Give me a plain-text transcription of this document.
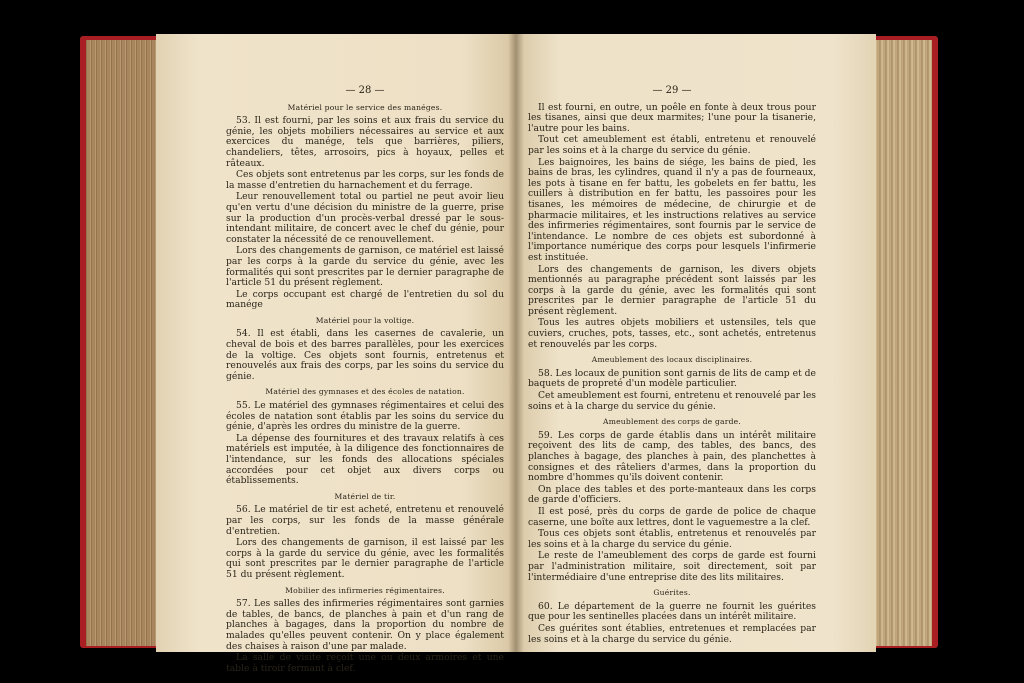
— 28 —
Matériel pour le service des manéges.
53. Il est fourni, par les soins et aux frais du service du génie, les objets mobiliers nécessaires au service et aux exercices du manége, tels que barrières, piliers, chandeliers, têtes, arrosoirs, pics à hoyaux, pelles et râteaux.
Ces objets sont entretenus par les corps, sur les fonds de la masse d'entretien du harnachement et du ferrage.
Leur renouvellement total ou partiel ne peut avoir lieu qu'en vertu d'une décision du ministre de la guerre, prise sur la production d'un procès-verbal dressé par le sous-intendant militaire, de concert avec le chef du génie, pour constater la nécessité de ce renouvellement.
Lors des changements de garnison, ce matériel est laissé par les corps à la garde du service du génie, avec les formalités qui sont prescrites par le dernier paragraphe de l'article 51 du présent règlement.
Le corps occupant est chargé de l'entretien du sol du manége
Matériel pour la voltige.
54. Il est établi, dans les casernes de cavalerie, un cheval de bois et des barres parallèles, pour les exercices de la voltige. Ces objets sont fournis, entretenus et renouvelés aux frais des corps, par les soins du service du génie.
Matériel des gymnases et des écoles de natation.
55. Le matériel des gymnases régimentaires et celui des écoles de natation sont établis par les soins du service du génie, d'après les ordres du ministre de la guerre.
La dépense des fournitures et des travaux relatifs à ces matériels est imputée, à la diligence des fonctionnaires de l'intendance, sur les fonds des allocations spéciales accordées pour cet objet aux divers corps ou établissements.
Matériel de tir.
56. Le matériel de tir est acheté, entretenu et renouvelé par les corps, sur les fonds de la masse générale d'entretien.
Lors des changements de garnison, il est laissé par les corps à la garde du service du génie, avec les formalités qui sont prescrites par le dernier paragraphe de l'article 51 du présent règlement.
Mobilier des infirmeries régimentaires.
57. Les salles des infirmeries régimentaires sont garnies de tables, de bancs, de planches à pain et d'un rang de planches à bagages, dans la proportion du nombre de malades qu'elles peuvent contenir. On y place également des chaises à raison d'une par malade.
La salle de visite reçoit une ou deux armoires et une table à tiroir fermant à clef.
— 29 —
Il est fourni, en outre, un poêle en fonte à deux trous pour les tisanes, ainsi que deux marmites; l'une pour la tisanerie, l'autre pour les bains.
Tout cet ameublement est établi, entretenu et renouvelé par les soins et à la charge du service du génie.
Les baignoires, les bains de siége, les bains de pied, les bains de bras, les cylindres, quand il n'y a pas de fourneaux, les pots à tisane en fer battu, les gobelets en fer battu, les cuillers à distribution en fer battu, les passoires pour les tisanes, les mémoires de médecine, de chirurgie et de pharmacie militaires, et les instructions relatives au service des infirmeries régimentaires, sont fournis par le service de l'intendance. Le nombre de ces objets est subordonné à l'importance numérique des corps pour lesquels l'infirmerie est instituée.
Lors des changements de garnison, les divers objets mentionnés au paragraphe précédent sont laissés par les corps à la garde du génie, avec les formalités qui sont prescrites par le dernier paragraphe de l'article 51 du présent règlement.
Tous les autres objets mobiliers et ustensiles, tels que cuviers, cruches, pots, tasses, etc., sont achetés, entretenus et renouvelés par les corps.
Ameublement des locaux disciplinaires.
58. Les locaux de punition sont garnis de lits de camp et de baquets de propreté d'un modèle particulier.
Cet ameublement est fourni, entretenu et renouvelé par les soins et à la charge du service du génie.
Ameublement des corps de garde.
59. Les corps de garde établis dans un intérêt militaire reçoivent des lits de camp, des tables, des bancs, des planches à bagage, des planches à pain, des planchettes à consignes et des râteliers d'armes, dans la proportion du nombre d'hommes qu'ils doivent contenir.
On place des tables et des porte-manteaux dans les corps de garde d'officiers.
Il est posé, près du corps de garde de police de chaque caserne, une boîte aux lettres, dont le vaguemestre a la clef.
Tous ces objets sont établis, entretenus et renouvelés par les soins et à la charge du service du génie.
Le reste de l'ameublement des corps de garde est fourni par l'administration militaire, soit directement, soit par l'intermédiaire d'une entreprise dite des lits militaires.
Guérites.
60. Le département de la guerre ne fournit les guérites que pour les sentinelles placées dans un intérêt militaire.
Ces guérites sont établies, entretenues et remplacées par les soins et à la charge du service du génie.
